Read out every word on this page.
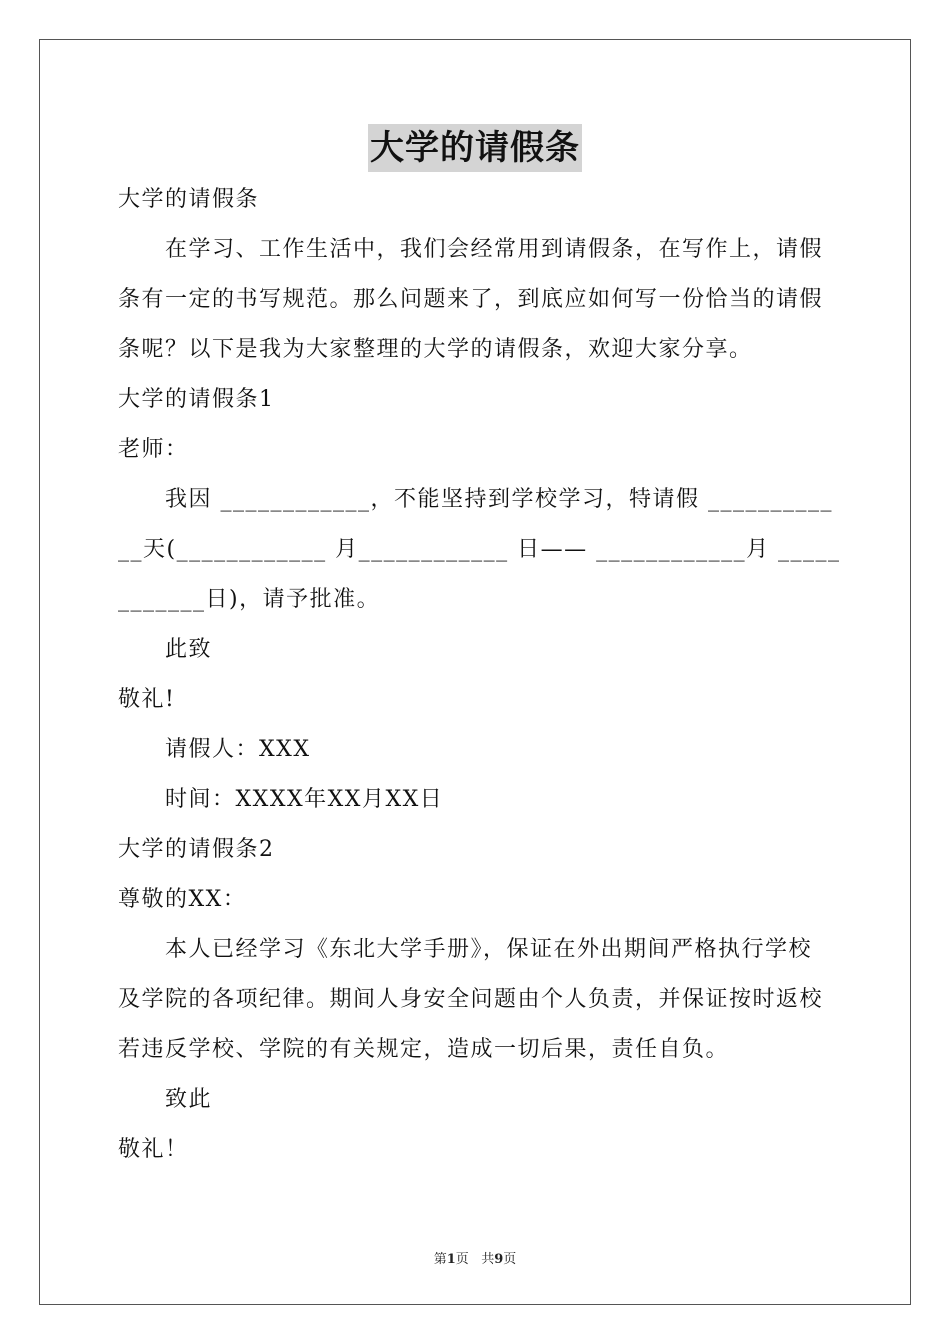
大学的请假条
大学的请假条
在学习、工作生活中，我们会经常用到请假条，在写作上，请假
条有一定的书写规范。那么问题来了，到底应如何写一份恰当的请假
条呢？以下是我为大家整理的大学的请假条，欢迎大家分享。
大学的请假条1
老师：
我因 ____________，不能坚持到学校学习，特请假 __________
__天(____________ 月____________ 日—— ____________月 _____
_______日)，请予批准。
此致
敬礼!
请假人：XXX
时间：XXXX年XX月XX日
大学的请假条2
尊敬的XX：
本人已经学习《东北大学手册》，保证在外出期间严格执行学校
及学院的各项纪律。期间人身安全问题由个人负责，并保证按时返校
若违反学校、学院的有关规定，造成一切后果，责任自负。
致此
敬礼！
第1页 共9页
